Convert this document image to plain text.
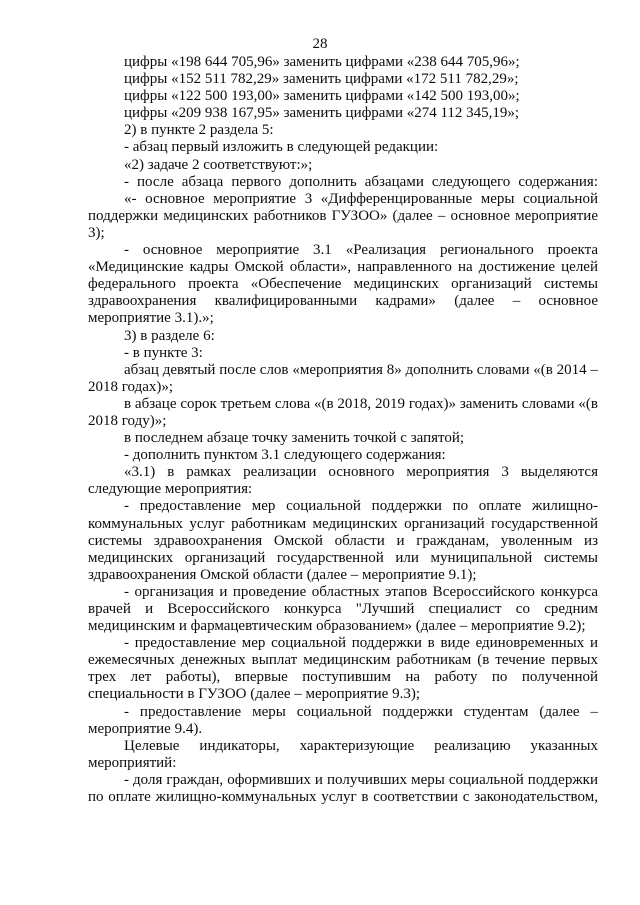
28

цифры «198 644 705,96» заменить цифрами «238 644 705,96»;

цифры «152 511 782,29» заменить цифрами «172 511 782,29»;

цифры «122 500 193,00» заменить цифрами «142 500 193,00»;

цифры «209 938 167,95» заменить цифрами «274 112 345,19»;

2) в пункте 2 раздела 5:

- абзац первый изложить в следующей редакции:

«2) задаче 2 соответствуют:»;

- после абзаца первого дополнить абзацами следующего содержания:

«- основное мероприятие 3 «Дифференцированные меры социальной поддержки медицинских работников ГУЗОО» (далее – основное мероприятие 3);

- основное мероприятие 3.1 «Реализация регионального проекта «Медицинские кадры Омской области», направленного на достижение целей федерального проекта «Обеспечение медицинских организаций системы здравоохранения квалифицированными кадрами» (далее – основное мероприятие 3.1).»;

3) в разделе 6:

- в пункте 3:

абзац девятый после слов «мероприятия 8» дополнить словами «(в 2014 – 2018 годах)»;

в абзаце сорок третьем слова «(в 2018, 2019 годах)» заменить словами «(в 2018 году)»;

в последнем абзаце точку заменить точкой с запятой;

- дополнить пунктом 3.1 следующего содержания:

«3.1) в рамках реализации основного мероприятия 3 выделяются следующие мероприятия:

- предоставление мер социальной поддержки по оплате жилищно-коммунальных услуг работникам медицинских организаций государственной системы здравоохранения Омской области и гражданам, уволенным из медицинских организаций государственной или муниципальной системы здравоохранения Омской области (далее – мероприятие 9.1);

- организация и проведение областных этапов Всероссийского конкурса врачей и Всероссийского конкурса "Лучший специалист со средним медицинским и фармацевтическим образованием» (далее – мероприятие 9.2);

- предоставление мер социальной поддержки в виде единовременных и ежемесячных денежных выплат медицинским работникам (в течение первых трех лет работы), впервые поступившим на работу по полученной специальности в ГУЗОО (далее – мероприятие 9.3);

- предоставление меры социальной поддержки студентам (далее – мероприятие 9.4).

Целевые индикаторы, характеризующие реализацию указанных мероприятий:

- доля граждан, оформивших и получивших меры социальной поддержки по оплате жилищно-коммунальных услуг в соответствии с законодательством,
